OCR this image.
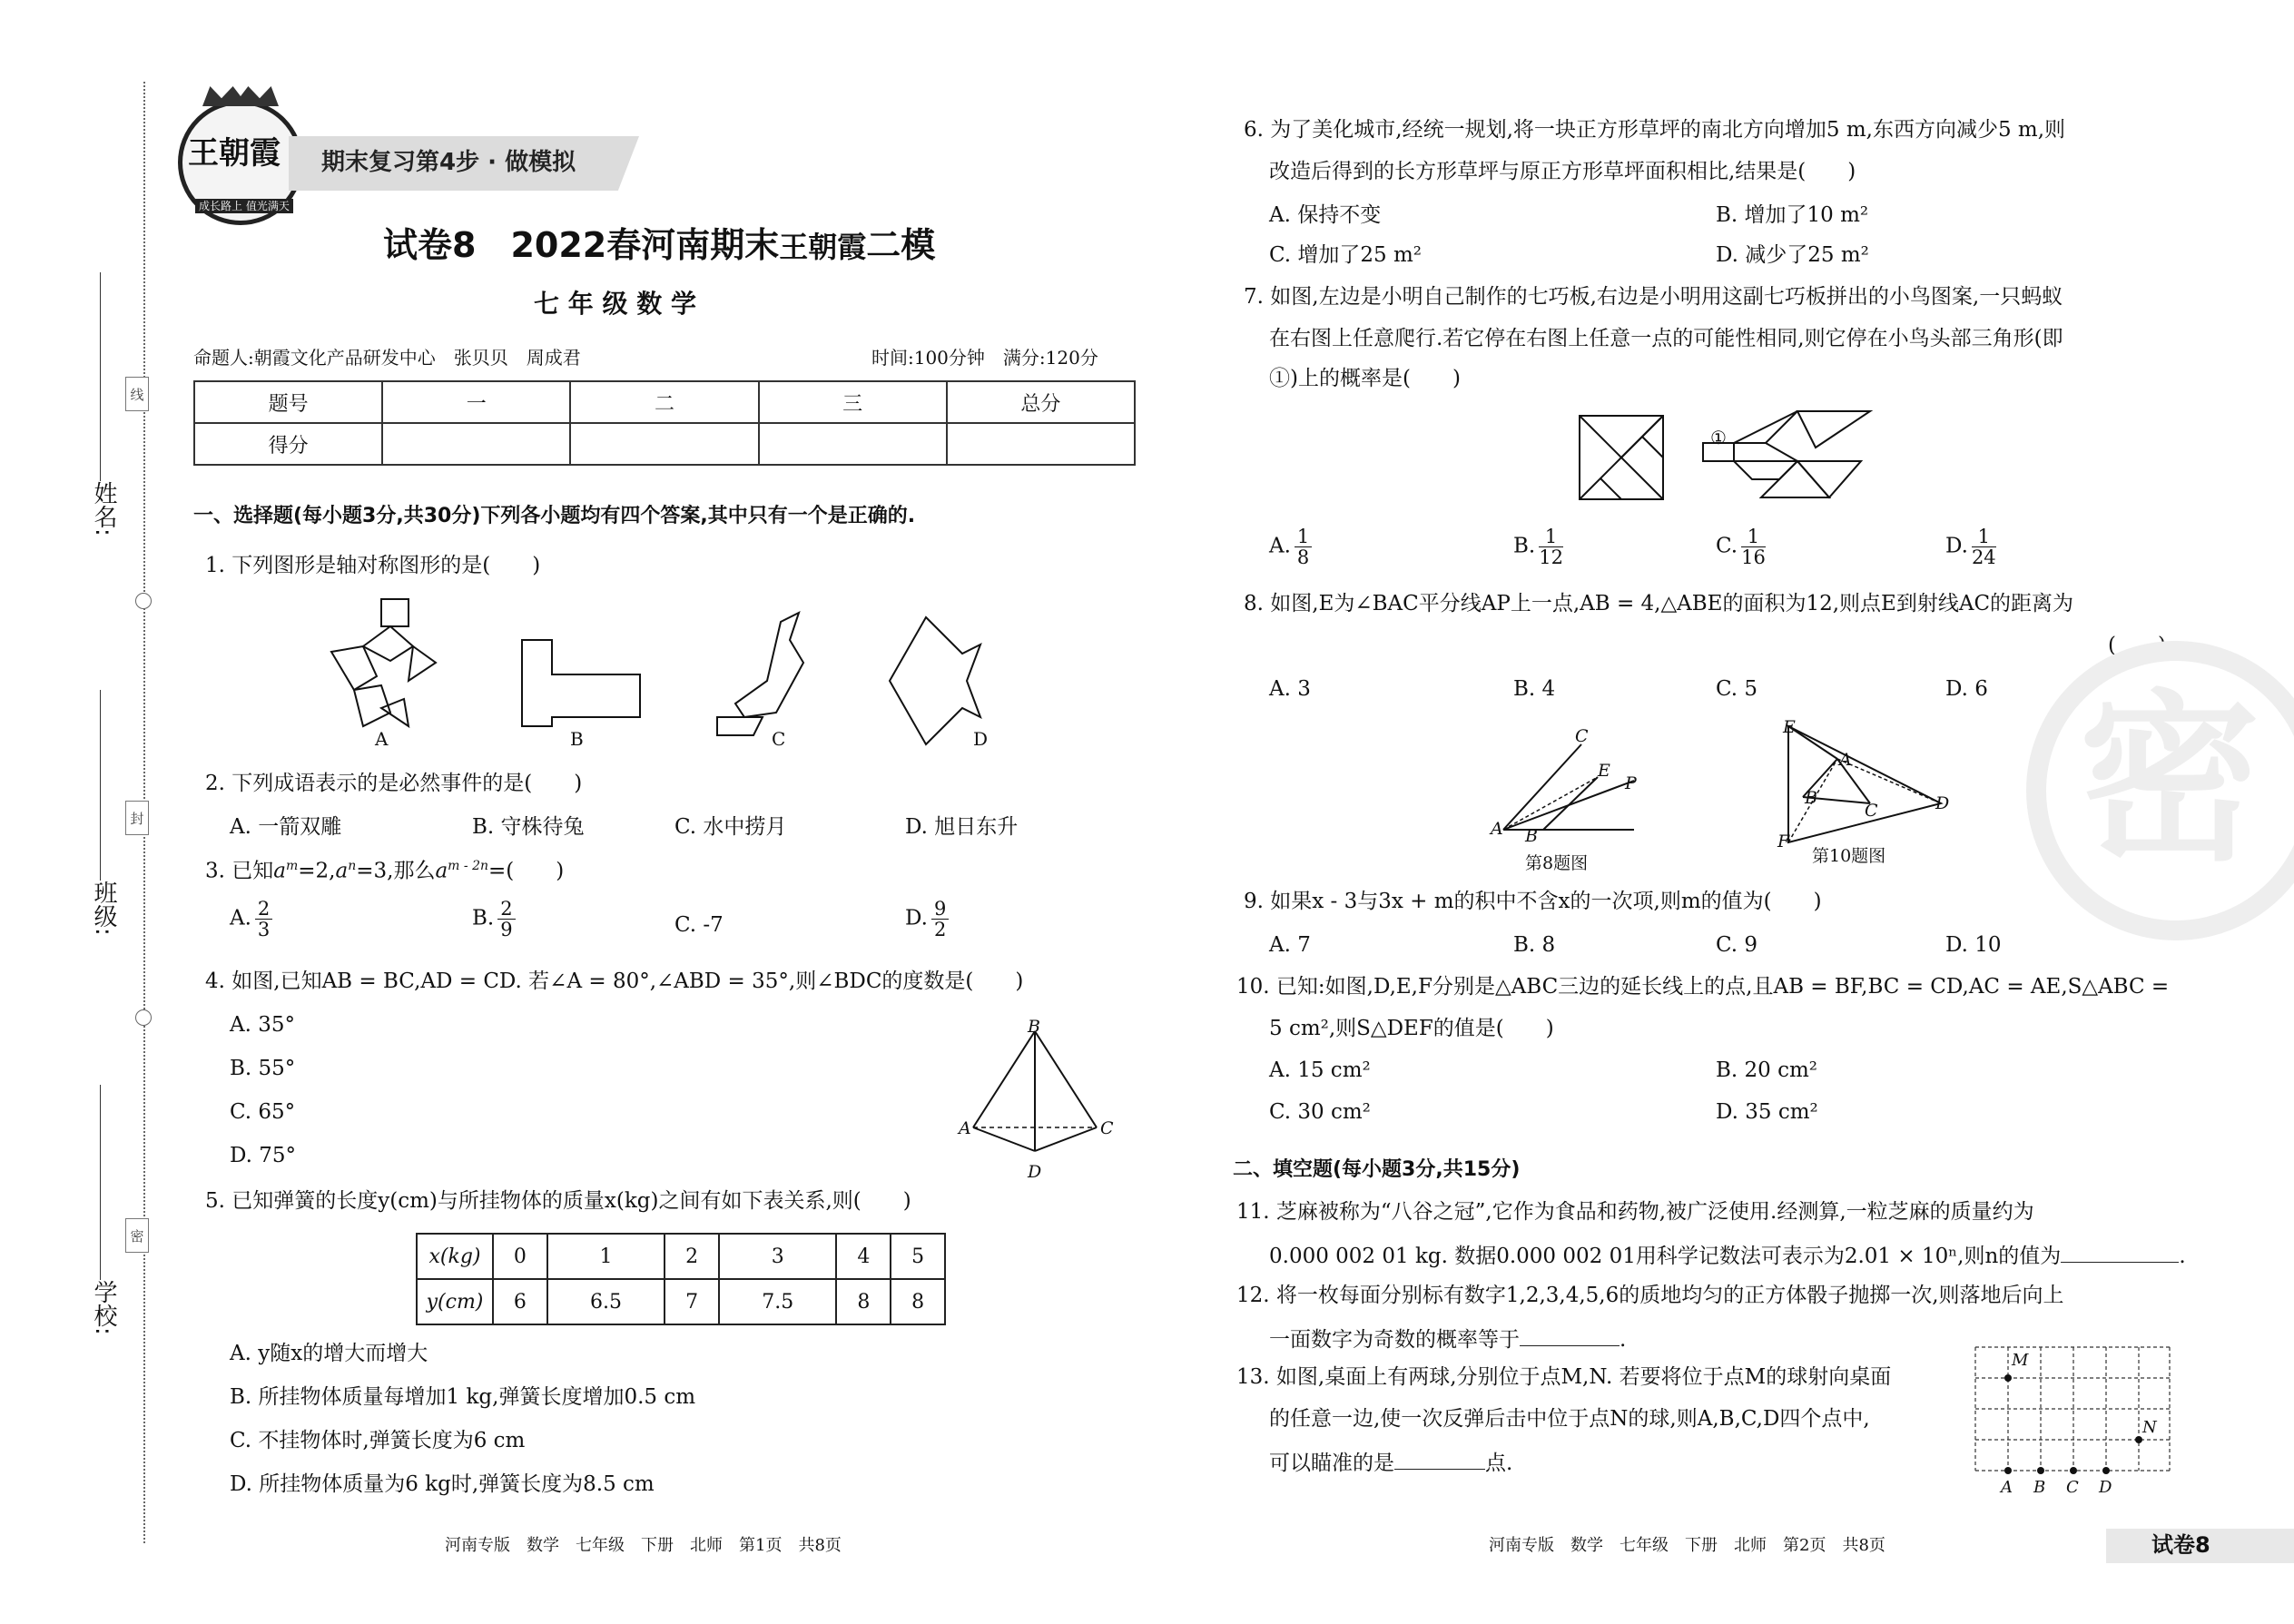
姓名:
班级:
学校:
线
封
密
王朝霞
成长路上 值光满天
期末复习第4步 · 做模拟
试卷8　2022春河南期末王朝霞二模
七 年 级 数 学
命题人:朝霞文化产品研发中心　张贝贝　周成君	时间:100分钟　满分:120分
题号	一	二	三	总分
得分				
一、选择题(每小题3分,共30分)下列各小题均有四个答案,其中只有一个是正确的.
1. 下列图形是轴对称图形的是(　　)
A	B	C	D
2. 下列成语表示的是必然事件的是(　　)
A. 一箭双雕	B. 守株待兔	C. 水中捞月	D. 旭日东升
3. 已知$a^m=2,a^n=3$,那么$a^{m - 2n}=$(　　)
A. $\frac{2}{3}$	B. $\frac{2}{9}$	C. -7	D. $\frac{9}{2}$
4. 如图,已知AB = BC,AD = CD. 若∠A = 80°,∠ABD = 35°,则∠BDC的度数是(　　)
A. 35°
B. 55°
C. 65°
D. 75°
B
A	C
D
5. 已知弹簧的长度y(cm)与所挂物体的质量x(kg)之间有如下表关系,则(　　)
x(kg)	0	1	2	3	4	5
y(cm)	6	6.5	7	7.5	8	8
A. y随x的增大而增大
B. 所挂物体质量每增加1 kg,弹簧长度增加0.5 cm
C. 不挂物体时,弹簧长度为6 cm
D. 所挂物体质量为6 kg时,弹簧长度为8.5 cm
河南专版　数学　七年级　下册　北师　第1页　共8页
6. 为了美化城市,经统一规划,将一块正方形草坪的南北方向增加5 m,东西方向减少5 m,则
改造后得到的长方形草坪与原正方形草坪面积相比,结果是(　　)
A. 保持不变	B. 增加了10 m²
C. 增加了25 m²	D. 减少了25 m²
7. 如图,左边是小明自己制作的七巧板,右边是小明用这副七巧板拼出的小鸟图案,一只蚂蚁
在右图上任意爬行.若它停在右图上任意一点的可能性相同,则它停在小鸟头部三角形(即
①)上的概率是(　　)
①
A. $\frac{1}{8}$	B. $\frac{1}{12}$	C. $\frac{1}{16}$	D. $\frac{1}{24}$
8. 如图,E为∠BAC平分线AP上一点,AB = 4,△ABE的面积为12,则点E到射线AC的距离为
(　　)
A. 3	B. 4	C. 5	D. 6
C
E
P
A B
第8题图
E
A
B
C	D
F
第10题图
9. 如果x - 3与3x + m的积中不含x的一次项,则m的值为(　　)
A. 7	B. 8	C. 9	D. 10
10. 已知:如图,D,E,F分别是△ABC三边的延长线上的点,且AB = BF,BC = CD,AC = AE,S△ABC =
5 cm²,则S△DEF的值是(　　)
A. 15 cm²	B. 20 cm²
C. 30 cm²	D. 35 cm²
二、填空题(每小题3分,共15分)
11. 芝麻被称为“八谷之冠”,它作为食品和药物,被广泛使用.经测算,一粒芝麻的质量约为
0.000 002 01 kg. 数据0.000 002 01用科学记数法可表示为2.01 × 10ⁿ,则n的值为	.
12. 将一枚每面分别标有数字1,2,3,4,5,6的质地均匀的正方体骰子抛掷一次,则落地后向上
一面数字为奇数的概率等于	.
13. 如图,桌面上有两球,分别位于点M,N. 若要将位于点M的球射向桌面
的任意一边,使一次反弹后击中位于点N的球,则A,B,C,D四个点中,
可以瞄准的是	点.
M
N
A B C D
密
河南专版　数学　七年级　下册　北师　第2页　共8页	试卷8
